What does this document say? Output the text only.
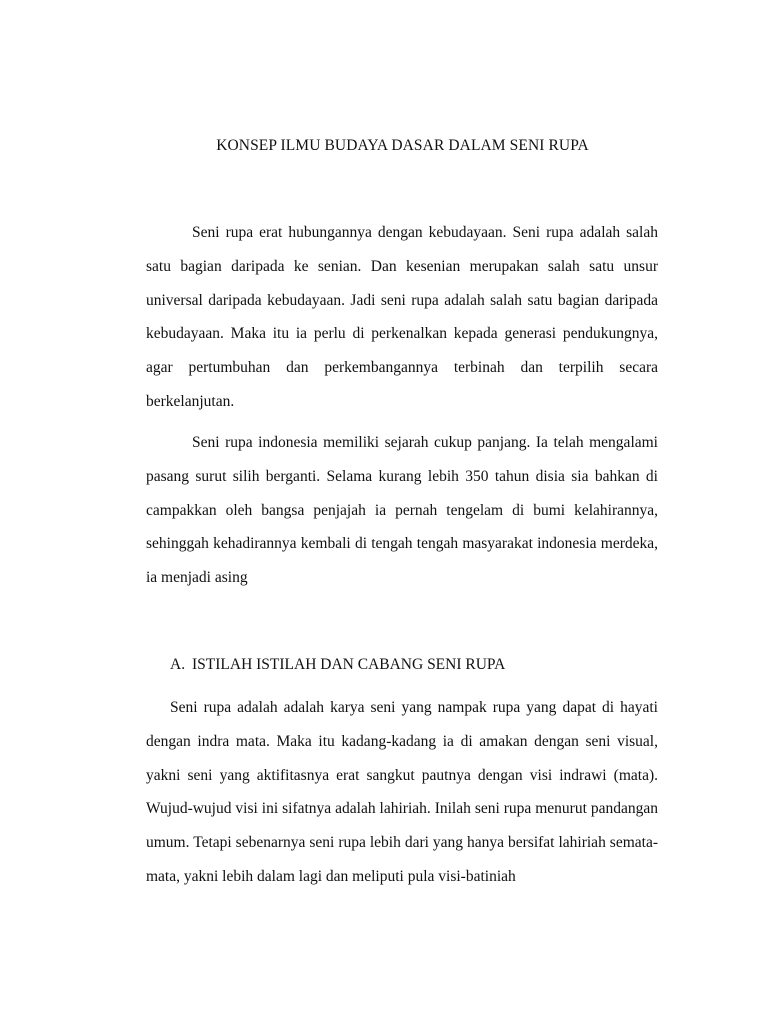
KONSEP ILMU BUDAYA DASAR DALAM SENI RUPA
Seni rupa erat hubungannya dengan kebudayaan. Seni rupa adalah salah
satu bagian daripada ke senian. Dan kesenian merupakan salah satu unsur
universal daripada kebudayaan. Jadi seni rupa adalah salah satu bagian daripada
kebudayaan. Maka itu ia perlu di perkenalkan kepada generasi pendukungnya,
agar pertumbuhan dan perkembangannya terbinah dan terpilih secara
berkelanjutan.
Seni rupa indonesia memiliki sejarah cukup panjang. Ia telah mengalami
pasang surut silih berganti. Selama kurang lebih 350 tahun disia sia bahkan di
campakkan oleh bangsa penjajah ia pernah tengelam di bumi kelahirannya,
sehinggah kehadirannya kembali di tengah tengah masyarakat indonesia merdeka,
ia menjadi asing
A. ISTILAH ISTILAH DAN CABANG SENI RUPA
Seni rupa adalah adalah karya seni yang nampak rupa yang dapat di hayati
dengan indra mata. Maka itu kadang-kadang ia di amakan dengan seni visual,
yakni seni yang aktifitasnya erat sangkut pautnya dengan visi indrawi (mata).
Wujud-wujud visi ini sifatnya adalah lahiriah. Inilah seni rupa menurut pandangan
umum. Tetapi sebenarnya seni rupa lebih dari yang hanya bersifat lahiriah semata-
mata, yakni lebih dalam lagi dan meliputi pula visi-batiniah
